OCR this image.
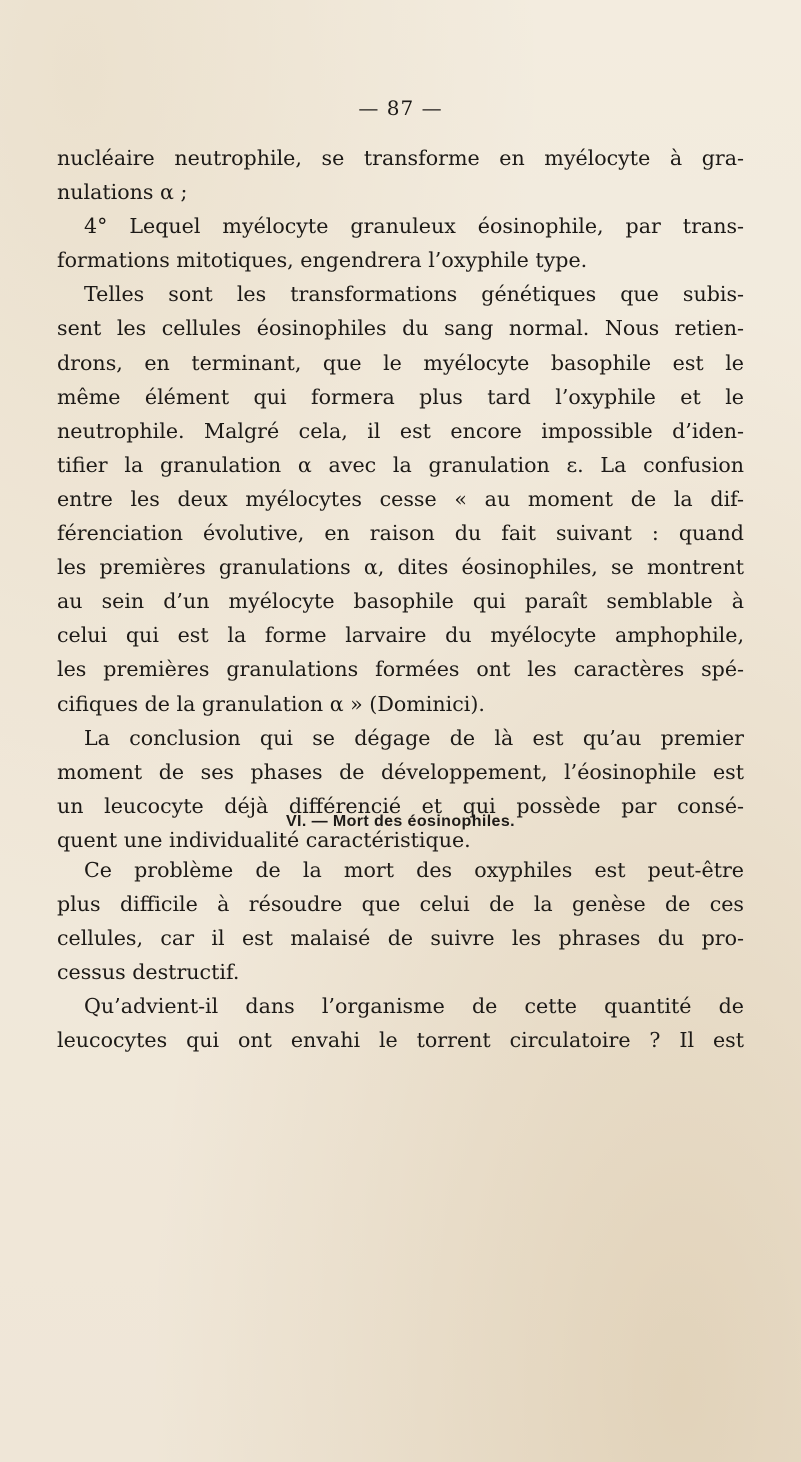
— 87 —
nucléaire neutrophile, se transforme en myélocyte à gra-
nulations α ;
4° Lequel myélocyte granuleux éosinophile, par trans-
formations mitotiques, engendrera l’oxyphile type.
Telles sont les transformations génétiques que subis-
sent les cellules éosinophiles du sang normal. Nous retien-
drons, en terminant, que le myélocyte basophile est le
même élément qui formera plus tard l’oxyphile et le
neutrophile. Malgré cela, il est encore impossible d’iden-
tifier la granulation α avec la granulation ε. La confusion
entre les deux myélocytes cesse « au moment de la dif-
férenciation évolutive, en raison du fait suivant : quand
les premières granulations α, dites éosinophiles, se montrent
au sein d’un myélocyte basophile qui paraît semblable à
celui qui est la forme larvaire du myélocyte amphophile,
les premières granulations formées ont les caractères spé-
cifiques de la granulation α » (Dominici).
La conclusion qui se dégage de là est qu’au premier
moment de ses phases de développement, l’éosinophile est
un leucocyte déjà différencié et qui possède par consé-
quent une individualité caractéristique.
VI. — Mort des éosinophiles.
Ce problème de la mort des oxyphiles est peut-être
plus difficile à résoudre que celui de la genèse de ces
cellules, car il est malaisé de suivre les phrases du pro-
cessus destructif.
Qu’advient-il dans l’organisme de cette quantité de
leucocytes qui ont envahi le torrent circulatoire ? Il est
